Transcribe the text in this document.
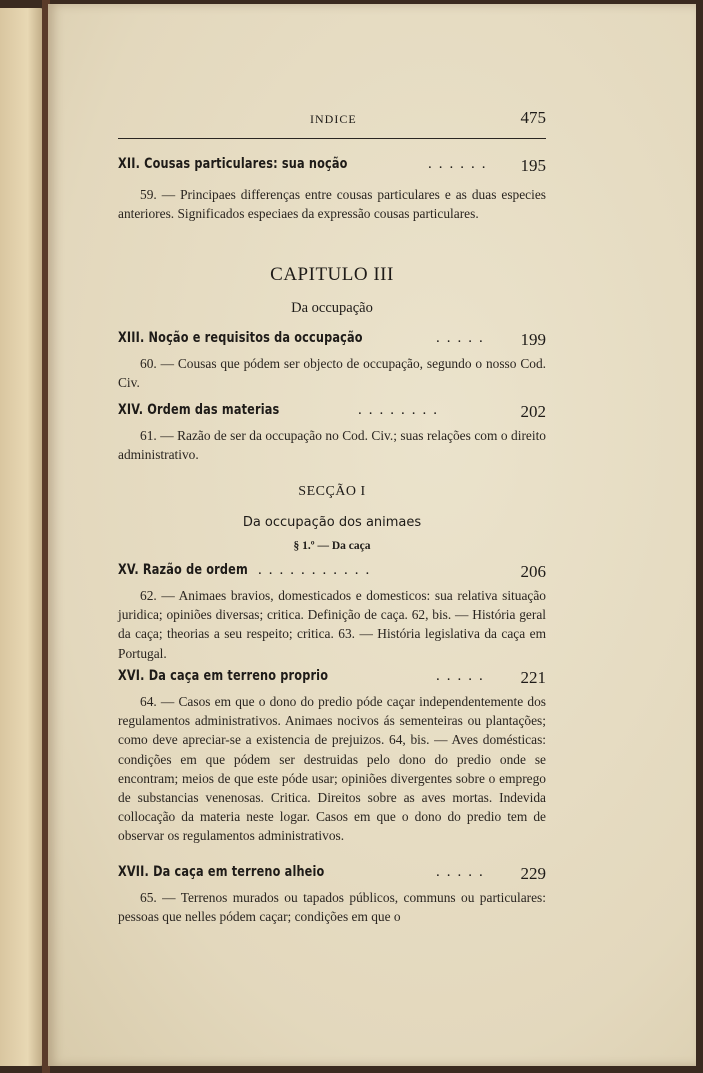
INDICE	475
XII. Cousas particulares: sua noção	...... 195
59. — Principaes differenças entre cousas particulares e as duas especies anteriores. Significados especiaes da expressão cousas particulares.
CAPITULO III
Da occupação
XIII. Noção e requisitos da occupação	..... 199
60. — Cousas que pódem ser objecto de occupação, segundo o nosso Cod. Civ.
XIV. Ordem das materias	........	202
61. — Razão de ser da occupação no Cod. Civ.; suas relações com o direito administrativo.
SECÇÃO I
Da occupação dos animaes
§ 1.º — Da caça
XV. Razão de ordem ...........	206
62. — Animaes bravios, domesticados e domesticos: sua relativa situação juridica; opiniões diversas; critica. Definição de caça. 62, bis. — História geral da caça; theorias a seu respeito; critica. 63. — História legislativa da caça em Portugal.
XVI. Da caça em terreno proprio	..... 221
64. — Casos em que o dono do predio póde caçar independentemente dos regulamentos administrativos. Animaes nocivos ás sementeiras ou plantações; como deve apreciar-se a existencia de prejuizos. 64, bis. — Aves domésticas: condições em que pódem ser destruidas pelo dono do predio onde se encontram; meios de que este póde usar; opiniões divergentes sobre o emprego de substancias venenosas. Critica. Direitos sobre as aves mortas. Indevida collocação da materia neste logar. Casos em que o dono do predio tem de observar os regulamentos administrativos.
XVII. Da caça em terreno alheio	..... 229
65. — Terrenos murados ou tapados públicos, communs ou particulares: pessoas que nelles pódem caçar; condições em que o
